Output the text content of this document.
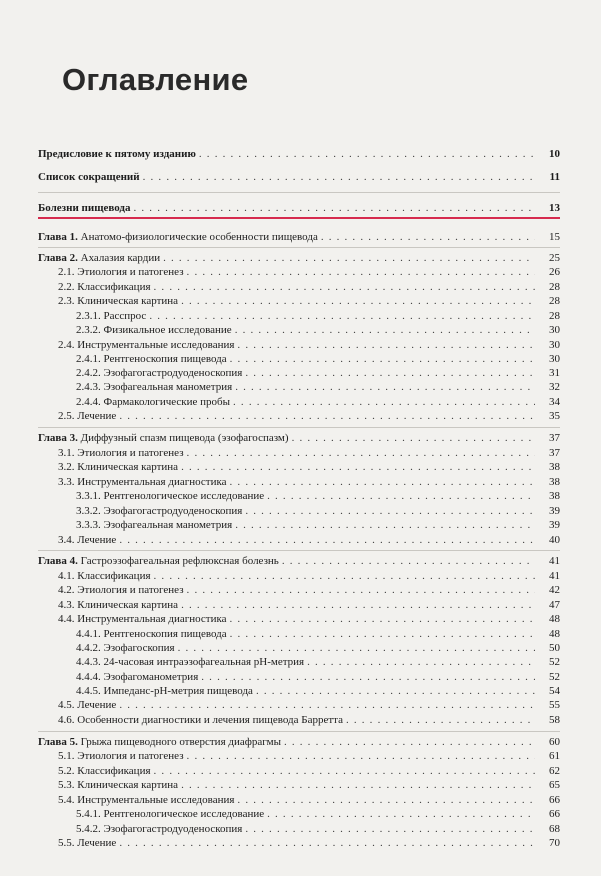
Оглавление
Предисловие к пятому изданию . . .	10
Список сокращений . . .	11
Болезни пищевода . . .	13
Глава 1. Анатомо-физиологические особенности пищевода . . .	15
Глава 2. Ахалазия кардии . . .	25
2.1. Этиология и патогенез . . .	26
2.2. Классификация . . .	28
2.3. Клиническая картина . . .	28
2.3.1. Расспрос . . .	28
2.3.2. Физикальное исследование . . .	30
2.4. Инструментальные исследования . . .	30
2.4.1. Рентгеноскопия пищевода . . .	30
2.4.2. Эзофагогастродуоденоскопия . . .	31
2.4.3. Эзофагеальная манометрия . . .	32
2.4.4. Фармакологические пробы . . .	34
2.5. Лечение . . .	35
Глава 3. Диффузный спазм пищевода (эзофагоспазм) . . .	37
3.1. Этиология и патогенез . . .	37
3.2. Клиническая картина . . .	38
3.3. Инструментальная диагностика . . .	38
3.3.1. Рентгенологическое исследование . . .	38
3.3.2. Эзофагогастродуоденоскопия . . .	39
3.3.3. Эзофагеальная манометрия . . .	39
3.4. Лечение . . .	40
Глава 4. Гастроэзофагеальная рефлюксная болезнь . . .	41
4.1. Классификация . . .	41
4.2. Этиология и патогенез . . .	42
4.3. Клиническая картина . . .	47
4.4. Инструментальная диагностика . . .	48
4.4.1. Рентгеноскопия пищевода . . .	48
4.4.2. Эзофагоскопия . . .	50
4.4.3. 24-часовая интраэзофагеальная pH-метрия . . .	52
4.4.4. Эзофагоманометрия . . .	52
4.4.5. Импеданс-pH-метрия пищевода . . .	54
4.5. Лечение . . .	55
4.6. Особенности диагностики и лечения пищевода Барретта . . .	58
Глава 5. Грыжа пищеводного отверстия диафрагмы . . .	60
5.1. Этиология и патогенез . . .	61
5.2. Классификация . . .	62
5.3. Клиническая картина . . .	65
5.4. Инструментальные исследования . . .	66
5.4.1. Рентгенологическое исследование . . .	66
5.4.2. Эзофагогастродуоденоскопия . . .	68
5.5. Лечение . . .	70
